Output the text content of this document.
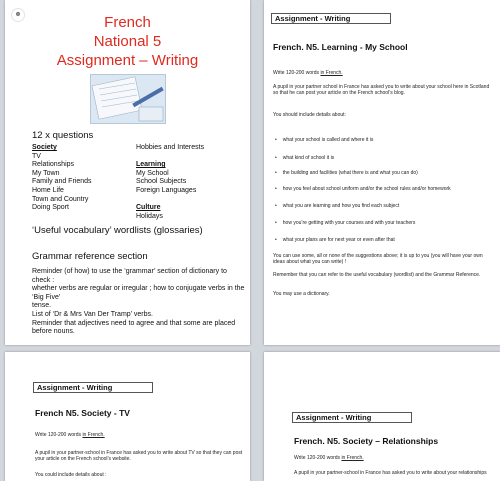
☻	French
National 5
Assignment – Writing
12 x questions
Society
TV
Relationships
My Town
Family and Friends
Home Life
Town and Country
Doing Sport
Hobbies and Interests
Learning
My School
School Subjects
Foreign Languages
Culture
Holidays
‘Useful vocabulary’ wordlists (glossaries)
Grammar reference section
Reminder (of how) to use the ‘grammar’ section of dictionary to check :
whether verbs are regular or irregular ; how to conjugate verbs in the ‘Big Five’
tense.
List of ‘Dr & Mrs Van Der Tramp’ verbs.
Reminder that adjectives need to agree and that some are placed before nouns.
Assignment - Writing
French. N5. Learning - My School
Write 120-200 words in French.
A pupil in your partner school in France has asked you to write about your school here in Scotland so that he can post your article on the French school’s blog.
You should include details about:
• what your school is called and where it is
• what kind of school it is
• the building and facilities (what there is and what you can do)
• how you feel about school uniform and/or the school rules and/or homework
• what you are learning and how you find each subject
• how you’re getting with your courses and with your teachers
• what your plans are for next year or even after that
You can use some, all or none of the suggestions above; it is up to you (you will have your own ideas about what you can write) !
Remember that you can refer to the useful vocabulary (wordlist) and the Grammar Reference.
You may use a dictionary.
Assignment - Writing
French N5. Society - TV
Write 120-200 words in French.
A pupil in your partner-school in France has asked you to write about TV so that they can post your article on the French school’s website.
You could include details about :
Assignment - Writing
French. N5. Society – Relationships
Write 120-200 words in French.
A pupil in your partner-school in France has asked you to write about your relationships
